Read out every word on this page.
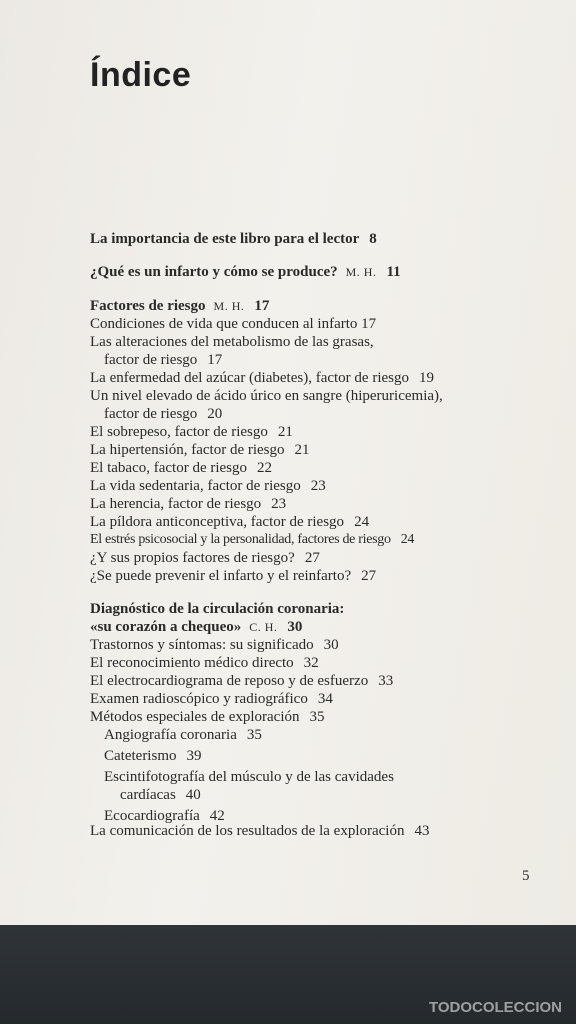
Índice
La importancia de este libro para el lector 8
¿Qué es un infarto y cómo se produce? M. H. 11
Factores de riesgo M. H. 17
Condiciones de vida que conducen al infarto 17
Las alteraciones del metabolismo de las grasas,
factor de riesgo 17
La enfermedad del azúcar (diabetes), factor de riesgo 19
Un nivel elevado de ácido úrico en sangre (hiperuricemia),
factor de riesgo 20
El sobrepeso, factor de riesgo 21
La hipertensión, factor de riesgo 21
El tabaco, factor de riesgo 22
La vida sedentaria, factor de riesgo 23
La herencia, factor de riesgo 23
La píldora anticonceptiva, factor de riesgo 24
El estrés psicosocial y la personalidad, factores de riesgo 24
¿Y sus propios factores de riesgo? 27
¿Se puede prevenir el infarto y el reinfarto? 27
Diagnóstico de la circulación coronaria:
«su corazón a chequeo» C. H. 30
Trastornos y síntomas: su significado 30
El reconocimiento médico directo 32
El electrocardiograma de reposo y de esfuerzo 33
Examen radioscópico y radiográfico 34
Métodos especiales de exploración 35
Angiografía coronaria 35
Cateterismo 39
Escintifotografía del músculo y de las cavidades
cardíacas 40
Ecocardiografía 42
La comunicación de los resultados de la exploración 43
5
TODOCOLECCION
